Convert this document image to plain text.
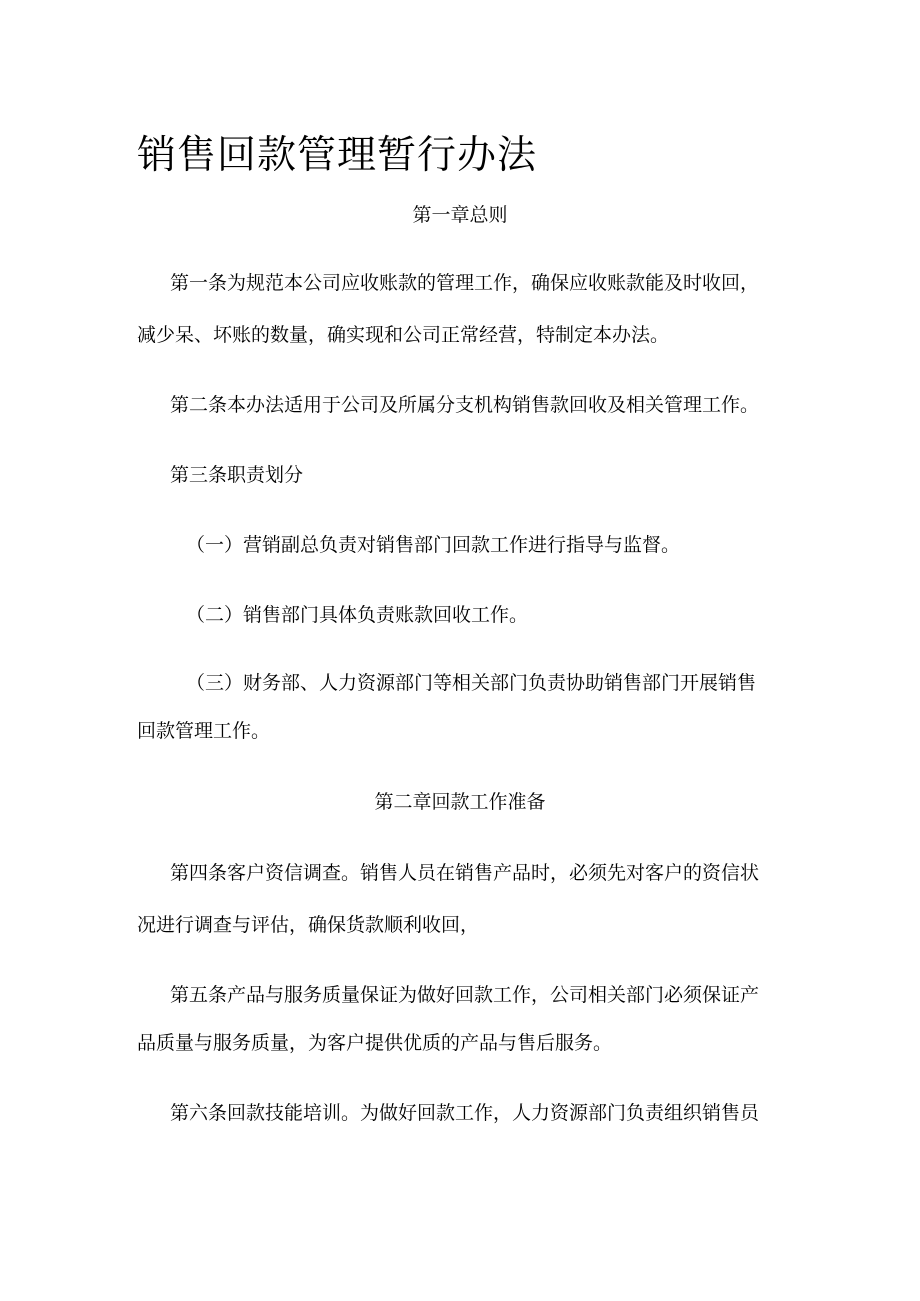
销售回款管理暂行办法

第一章总则

第一条为规范本公司应收账款的管理工作，确保应收账款能及时收回，

减少呆、坏账的数量，确实现和公司正常经营，特制定本办法。

第二条本办法适用于公司及所属分支机构销售款回收及相关管理工作。

第三条职责划分

（一）营销副总负责对销售部门回款工作进行指导与监督。

（二）销售部门具体负责账款回收工作。

（三）财务部、人力资源部门等相关部门负责协助销售部门开展销售

回款管理工作。

第二章回款工作准备

第四条客户资信调查。销售人员在销售产品时，必须先对客户的资信状

况进行调查与评估，确保货款顺利收回，

第五条产品与服务质量保证为做好回款工作，公司相关部门必须保证产

品质量与服务质量，为客户提供优质的产品与售后服务。

第六条回款技能培训。为做好回款工作，人力资源部门负责组织销售员
